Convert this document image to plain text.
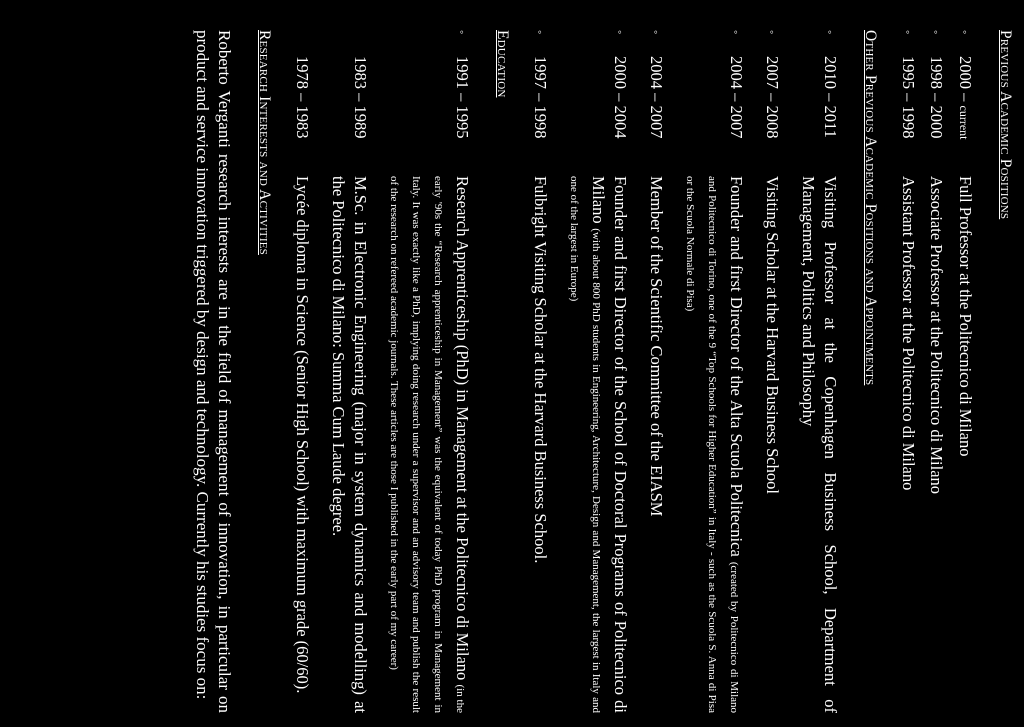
Previous Academic Positions
◦
2000 – current
Full Professor at the Politecnico di Milano
◦
1998 – 2000
Associate Professor at the Politecnico di Milano
◦
1995 – 1998
Assistant Professor at the Politecnico di Milano
Other Previous Academic Positions and Appointments
◦
2010 – 2011
Visiting Professor at the Copenhagen Business School, Department of Management, Politics and Philosophy
◦
2007 – 2008
Visiting Scholar at the Harvard Business School
◦
2004 – 2007
Founder and first Director of the Alta Scuola Politecnica (created by Politecnico di Milano and Politecnico di Torino, one of the 9 “Top Schools for Higher Education” in Italy - such as the Scuola S. Anna di Pisa or the Scuola Normale di Pisa)
◦
2004 – 2007
Member of the Scientific Committee of the EIASM
◦
2000 – 2004
Founder and first Director of the School of Doctoral Programs of Politecnico di Milano (with about 800 PhD students in Engineering, Architecture, Design and Management, the largest in Italy and one of the largest in Europe)
◦
1997 – 1998
Fulbright Visiting Scholar at the Harvard Business School.
Education
◦
1991 – 1995
Research Apprenticeship (PhD) in Management at the Politecnico di Milano (in the early '90s the “Research apprenticeship in Management” was the equivalent of today PhD program in Management in Italy. It was exactly like a PhD, implying doing research under a supervisor and an advisory team and publish the result of the research on refereed academic journals. These articles are those I published in the early part of my career)
1983 – 1989
M.Sc. in Electronic Engineering (major in system dynamics and modelling) at the Politecnico di Milano: Summa Cum Laude degree.
1978 – 1983
Lycée diploma in Science (Senior High School) with maximum grade (60/60).
Research Interests and Activities

Roberto Verganti research interests are in the field of management of innovation, in particular on product and service innovation triggered by design and technology. Currently his studies focus on:
